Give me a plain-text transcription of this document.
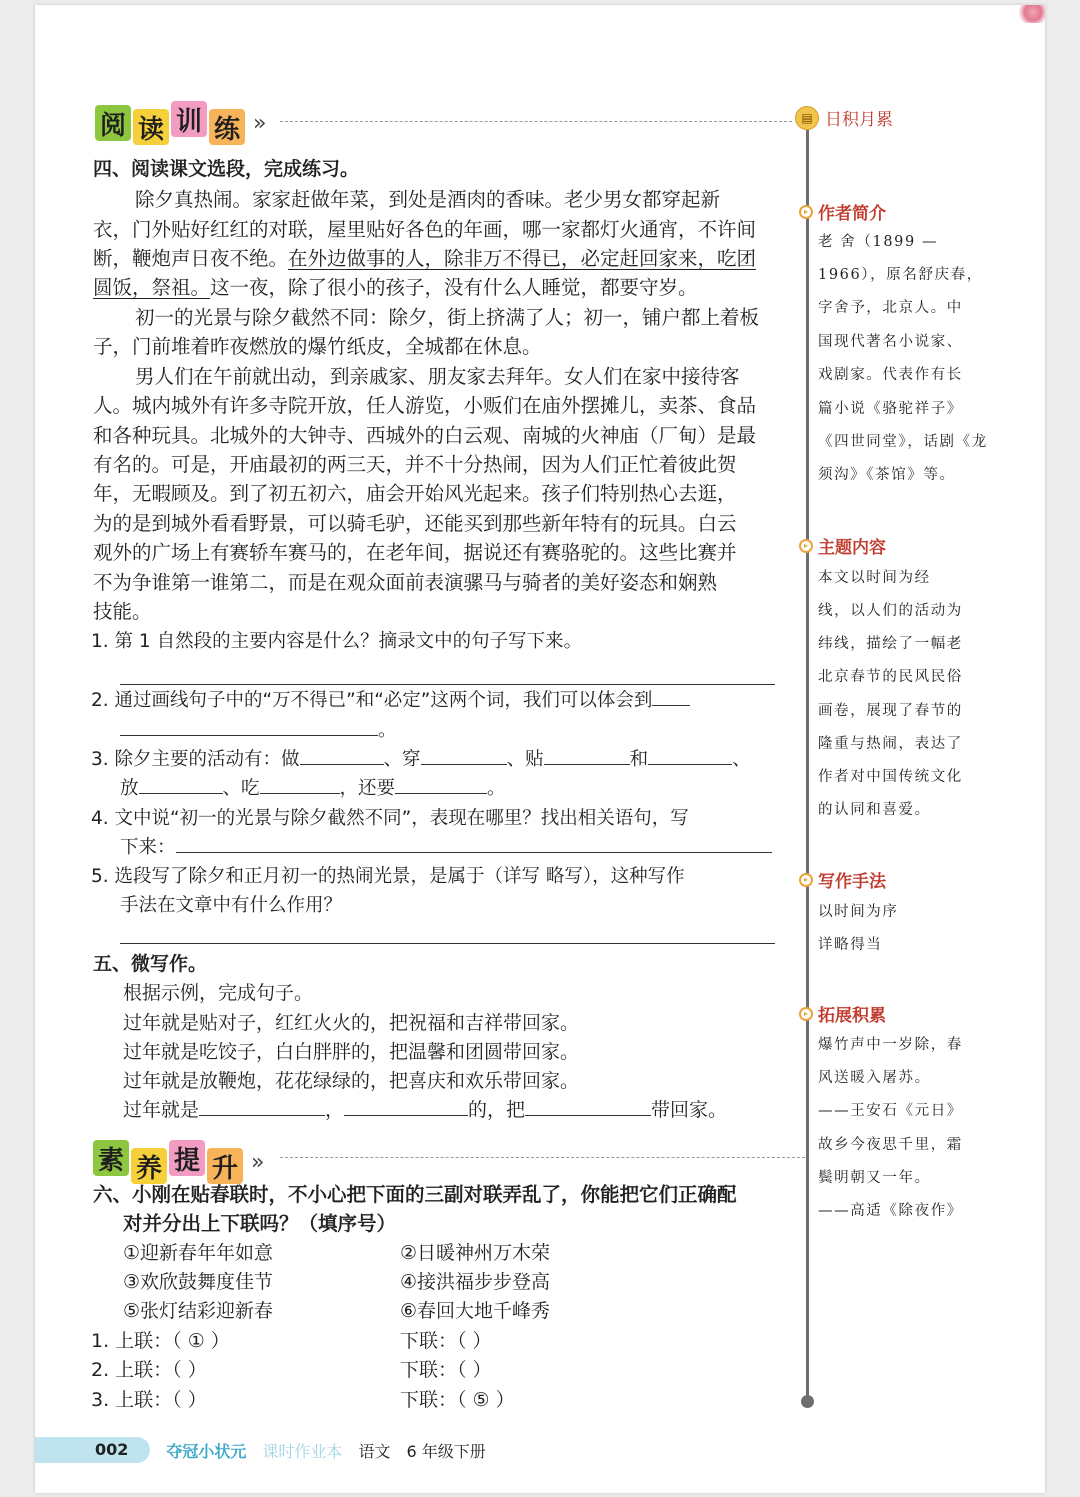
阅 读 训 练 »
四、阅读课文选段，完成练习。
除夕真热闹。家家赶做年菜，到处是酒肉的香味。老少男女都穿起新
衣，门外贴好红红的对联，屋里贴好各色的年画，哪一家都灯火通宵，不许间
断，鞭炮声日夜不绝。在外边做事的人，除非万不得已，必定赶回家来，吃团
圆饭，祭祖。这一夜，除了很小的孩子，没有什么人睡觉，都要守岁。
初一的光景与除夕截然不同：除夕，街上挤满了人；初一，铺户都上着板
子，门前堆着昨夜燃放的爆竹纸皮，全城都在休息。
男人们在午前就出动，到亲戚家、朋友家去拜年。女人们在家中接待客
人。城内城外有许多寺院开放，任人游览，小贩们在庙外摆摊儿，卖茶、食品
和各种玩具。北城外的大钟寺、西城外的白云观、南城的火神庙（厂甸）是最
有名的。可是，开庙最初的两三天，并不十分热闹，因为人们正忙着彼此贺
年，无暇顾及。到了初五初六，庙会开始风光起来。孩子们特别热心去逛，
为的是到城外看看野景，可以骑毛驴，还能买到那些新年特有的玩具。白云
观外的广场上有赛轿车赛马的，在老年间，据说还有赛骆驼的。这些比赛并
不为争谁第一谁第二，而是在观众面前表演骡马与骑者的美好姿态和娴熟
技能。
1. 第 1 自然段的主要内容是什么？摘录文中的句子写下来。
2. 通过画线句子中的“万不得已”和“必定”这两个词，我们可以体会到
。
3. 除夕主要的活动有：做	、穿	、贴	和	、
放	、吃	，还要	。
4. 文中说“初一的光景与除夕截然不同”，表现在哪里？找出相关语句，写
下来：
5. 选段写了除夕和正月初一的热闹光景，是属于（详写 略写），这种写作
手法在文章中有什么作用？
五、微写作。
根据示例，完成句子。
过年就是贴对子，红红火火的，把祝福和吉祥带回家。
过年就是吃饺子，白白胖胖的，把温馨和团圆带回家。
过年就是放鞭炮，花花绿绿的，把喜庆和欢乐带回家。
过年就是	，	的，把	带回家。
素 养 提 升 »
六、小刚在贴春联时，不小心把下面的三副对联弄乱了，你能把它们正确配
对并分出上下联吗？（填序号）
①迎新春年年如意	②日暖神州万木荣
③欢欣鼓舞度佳节	④接洪福步步登高
⑤张灯结彩迎新春	⑥春回大地千峰秀
1. 上联：（ ① ）	下联：（ ）
2. 上联：（ ）	下联：（ ）
3. 上联：（ ）	下联：（ ⑤ ）
▤ 日积月累
▸ 作者简介
老 舍（1899 —
1966），原名舒庆春，
字舍予，北京人。中
国现代著名小说家、
戏剧家。代表作有长
篇小说《骆驼祥子》
《四世同堂》，话剧《龙
须沟》《茶馆》等。
▸ 主题内容
本文以时间为经
线，以人们的活动为
纬线，描绘了一幅老
北京春节的民风民俗
画卷，展现了春节的
隆重与热闹，表达了
作者对中国传统文化
的认同和喜爱。
▸ 写作手法
以时间为序
详略得当
▸ 拓展积累
爆竹声中一岁除，春
风送暖入屠苏。
——王安石《元日》
故乡今夜思千里，霜
鬓明朝又一年。
——高适《除夜作》
002	夺冠小状元 课时作业本 语文 6 年级下册
